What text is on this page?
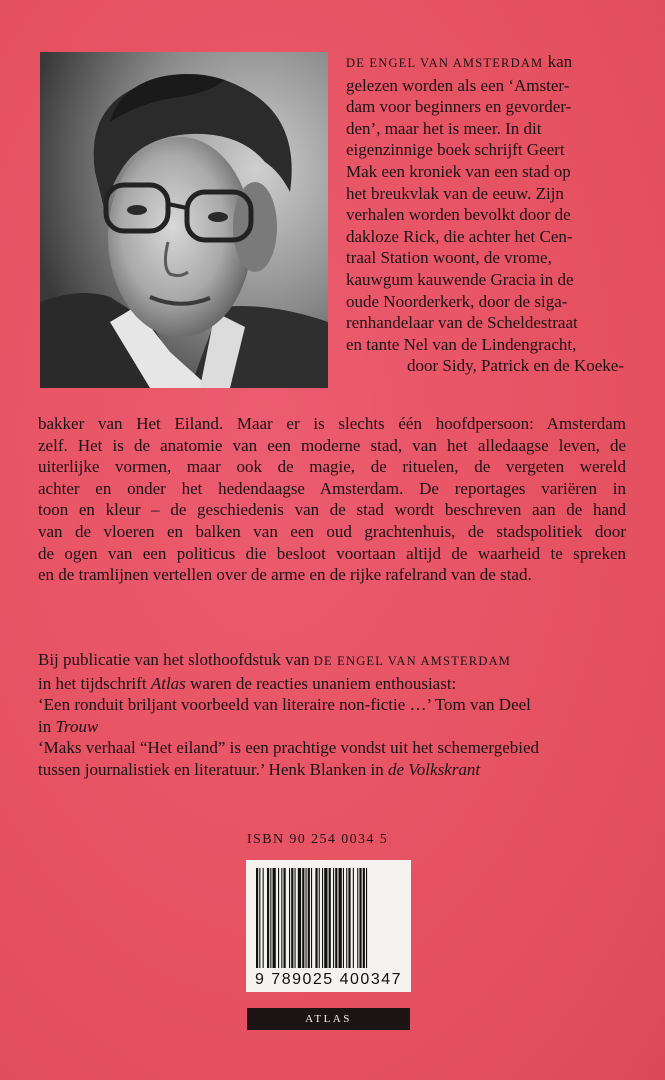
DE ENGEL VAN AMSTERDAM kan
gelezen worden als een ‘Amster-
dam voor beginners en gevorder-
den’, maar het is meer. In dit
eigenzinnige boek schrijft Geert
Mak een kroniek van een stad op
het breukvlak van de eeuw. Zijn
verhalen worden bevolkt door de
dakloze Rick, die achter het Cen-
traal Station woont, de vrome,
kauwgum kauwende Gracia in de
oude Noorderkerk, door de siga-
renhandelaar van de Scheldestraat
en tante Nel van de Lindengracht,
door Sidy, Patrick en de Koeke-
bakker van Het Eiland. Maar er is slechts één hoofdpersoon: Amsterdam
zelf. Het is de anatomie van een moderne stad, van het alledaagse leven, de
uiterlijke vormen, maar ook de magie, de rituelen, de vergeten wereld
achter en onder het hedendaagse Amsterdam. De reportages variëren in
toon en kleur – de geschiedenis van de stad wordt beschreven aan de hand
van de vloeren en balken van een oud grachtenhuis, de stadspolitiek door
de ogen van een politicus die besloot voortaan altijd de waarheid te spreken
en de tramlijnen vertellen over de arme en de rijke rafelrand van de stad.
Bij publicatie van het slothoofdstuk van DE ENGEL VAN AMSTERDAM
in het tijdschrift Atlas waren de reacties unaniem enthousiast:
‘Een ronduit briljant voorbeeld van literaire non-fictie …’ Tom van Deel
in Trouw
‘Maks verhaal “Het eiland” is een prachtige vondst uit het schemergebied
tussen journalistiek en literatuur.’ Henk Blanken in de Volkskrant
ISBN 90 254 0034 5
9 789025 400347
ATLAS
